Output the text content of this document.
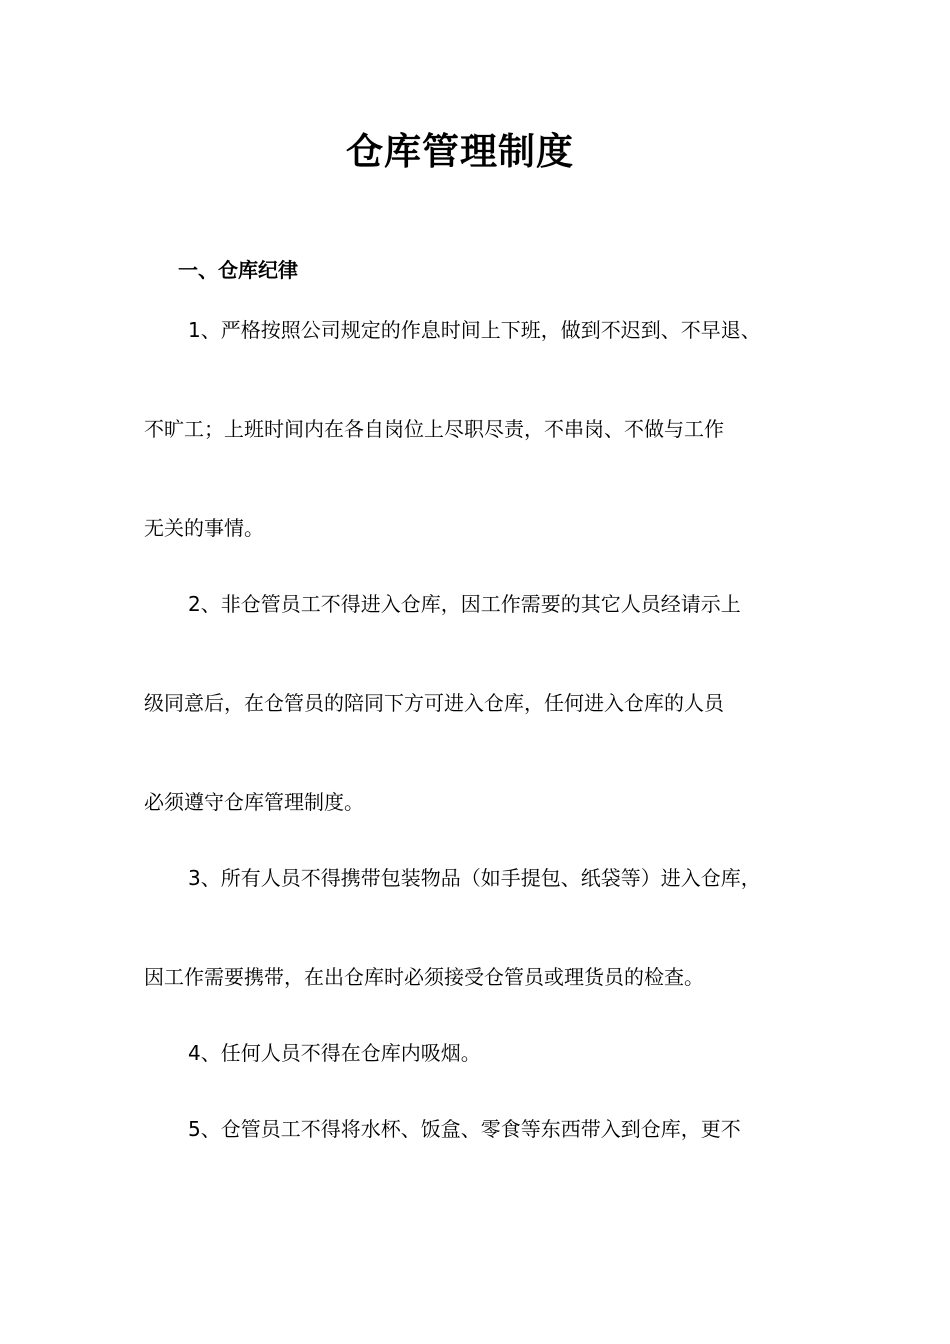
仓库管理制度
一、仓库纪律
1、严格按照公司规定的作息时间上下班，做到不迟到、不早退、
不旷工；上班时间内在各自岗位上尽职尽责，不串岗、不做与工作
无关的事情。
2、非仓管员工不得进入仓库，因工作需要的其它人员经请示上
级同意后，在仓管员的陪同下方可进入仓库，任何进入仓库的人员
必须遵守仓库管理制度。
3、所有人员不得携带包装物品（如手提包、纸袋等）进入仓库，
因工作需要携带，在出仓库时必须接受仓管员或理货员的检查。
4、任何人员不得在仓库内吸烟。
5、仓管员工不得将水杯、饭盒、零食等东西带入到仓库，更不
